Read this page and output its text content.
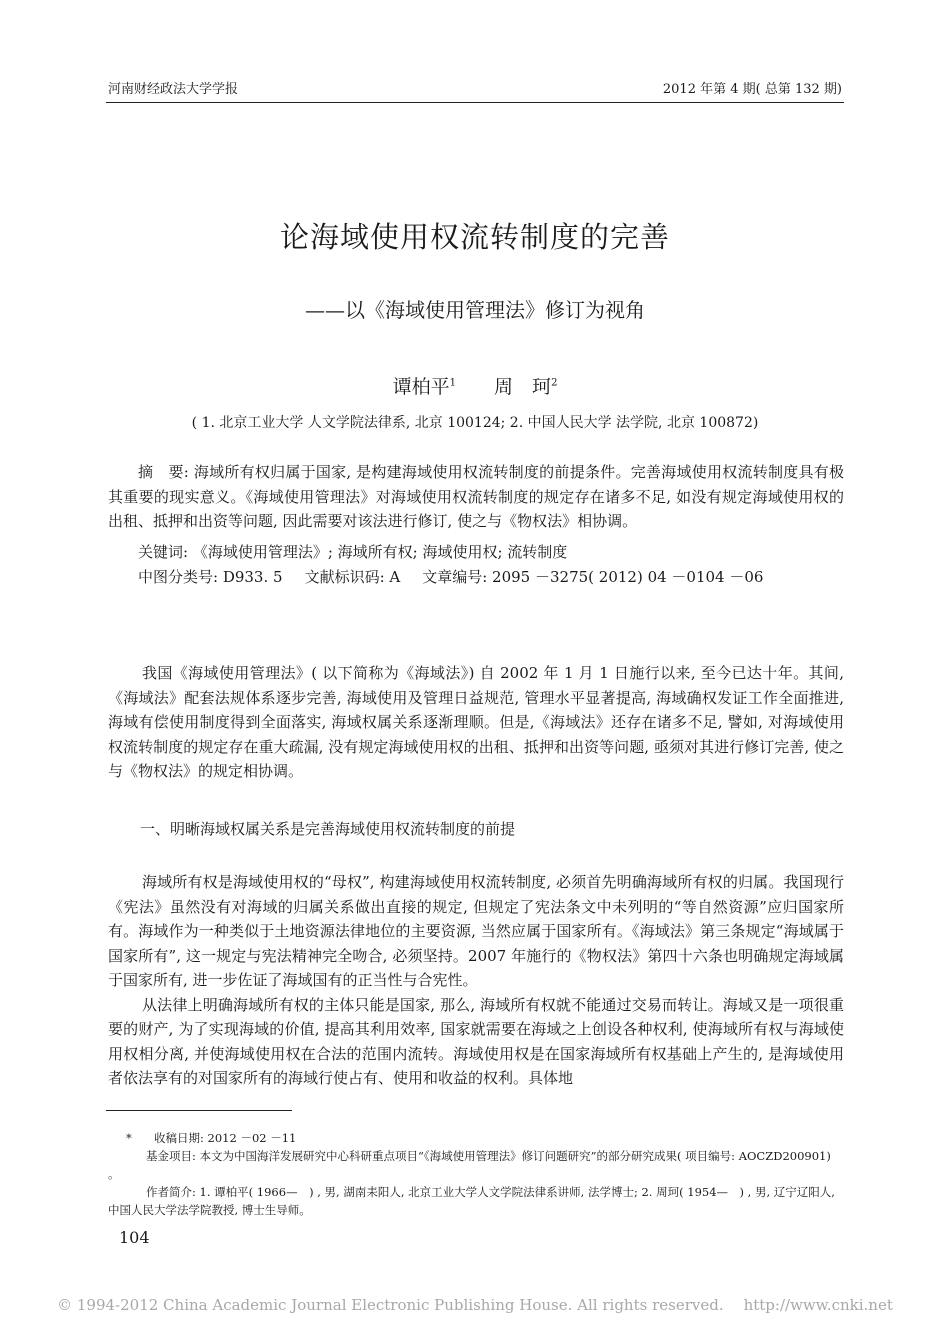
河南财经政法大学学报	2012 年第 4 期( 总第 132 期)
论海域使用权流转制度的完善
——以《海域使用管理法》修订为视角
谭柏平$^1$ 周　珂$^2$
( 1. 北京工业大学 人文学院法律系, 北京 100124; 2. 中国人民大学 法学院, 北京 100872)
摘　要: 海域所有权归属于国家, 是构建海域使用权流转制度的前提条件。完善海域使用权流转制度具有极其重要的现实意义。《海域使用管理法》对海域使用权流转制度的规定存在诸多不足, 如没有规定海域使用权的出租、抵押和出资等问题, 因此需要对该法进行修订, 使之与《物权法》相协调。
关键词: 《海域使用管理法》; 海域所有权; 海域使用权; 流转制度
中图分类号: D933. 5 文献标识码: A 文章编号: 2095 －3275( 2012) 04 －0104 －06

我国《海域使用管理法》( 以下简称为《海域法》) 自 2002 年 1 月 1 日施行以来, 至今已达十年。其间,《海域法》配套法规体系逐步完善, 海域使用及管理日益规范, 管理水平显著提高, 海域确权发证工作全面推进, 海域有偿使用制度得到全面落实, 海域权属关系逐渐理顺。但是,《海域法》还存在诸多不足, 譬如, 对海域使用权流转制度的规定存在重大疏漏, 没有规定海域使用权的出租、抵押和出资等问题, 亟须对其进行修订完善, 使之与《物权法》的规定相协调。

一、明晰海域权属关系是完善海域使用权流转制度的前提

海域所有权是海域使用权的“母权”, 构建海域使用权流转制度, 必须首先明确海域所有权的归属。我国现行《宪法》虽然没有对海域的归属关系做出直接的规定, 但规定了宪法条文中未列明的“等自然资源”应归国家所有。海域作为一种类似于土地资源法律地位的主要资源, 当然应属于国家所有。《海域法》第三条规定“海域属于国家所有”, 这一规定与宪法精神完全吻合, 必须坚持。2007 年施行的《物权法》第四十六条也明确规定海域属于国家所有, 进一步佐证了海域国有的正当性与合宪性。

从法律上明确海域所有权的主体只能是国家, 那么, 海域所有权就不能通过交易而转让。海域又是一项很重要的财产, 为了实现海域的价值, 提高其利用效率, 国家就需要在海域之上创设各种权利, 使海域所有权与海域使用权相分离, 并使海域使用权在合法的范围内流转。海域使用权是在国家海域所有权基础上产生的, 是海域使用者依法享有的对国家所有的海域行使占有、使用和收益的权利。具体地

* 收稿日期: 2012 －02 －11
基金项目: 本文为中国海洋发展研究中心科研重点项目“《海域使用管理法》修订问题研究”的部分研究成果( 项目编号: AOCZD200901) 。
作者简介: 1. 谭柏平( 1966—　) , 男, 湖南耒阳人, 北京工业大学人文学院法律系讲师, 法学博士; 2. 周珂( 1954—　) , 男, 辽宁辽阳人, 中国人民大学法学院教授, 博士生导师。
104
© 1994-2012 China Academic Journal Electronic Publishing House. All rights reserved. http://www.cnki.net
